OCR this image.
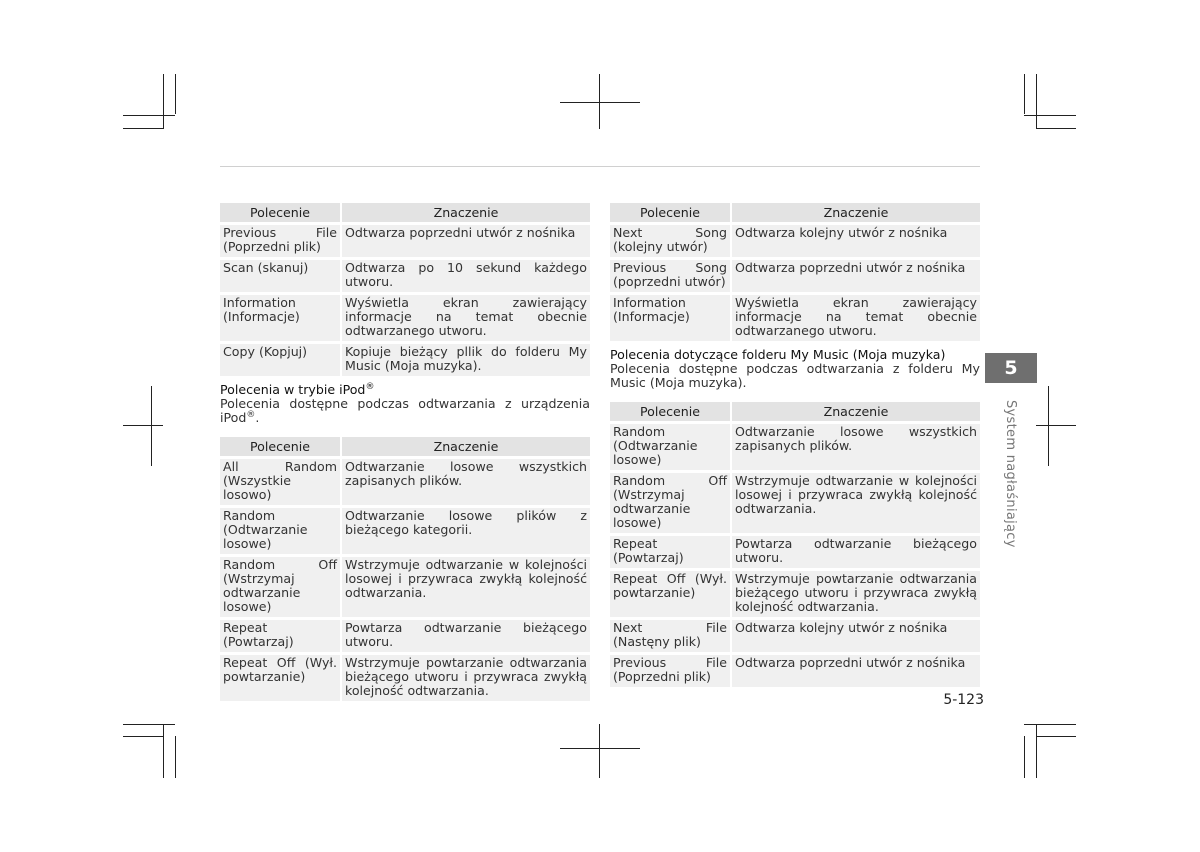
Polecenie	Znaczenie
Previous File (Poprzedni plik)	Odtwarza poprzedni utwór z nośnika
Scan (skanuj)	Odtwarza po 10 sekund każdego utworu.
Information (Informacje)	Wyświetla ekran zawierający informacje na temat obecnie odtwarzanego utworu.
Copy (Kopjuj)	Kopiuje bieżący pllik do folderu My Music (Moja muzyka).
Polecenia w trybie iPod®
Polecenia dostępne podczas odtwarzania z urządzenia iPod®.
Polecenie	Znaczenie
All Random (Wszystkie losowo)	Odtwarzanie losowe wszystkich zapisanych plików.
Random (Odtwarzanie losowe)	Odtwarzanie losowe plików z bieżącego kategorii.
Random Off (Wstrzymaj odtwarzanie losowe)	Wstrzymuje odtwarzanie w kolejności losowej i przywraca zwykłą kolejność odtwarzania.
Repeat (Powtarzaj)	Powtarza odtwarzanie bieżącego utworu.
Repeat Off (Wył. powtarzanie)	Wstrzymuje powtarzanie odtwarzania bieżącego utworu i przywraca zwykłą kolejność odtwarzania.
Polecenie	Znaczenie
Next Song (kolejny utwór)	Odtwarza kolejny utwór z nośnika
Previous Song (poprzedni utwór)	Odtwarza poprzedni utwór z nośnika
Information (Informacje)	Wyświetla ekran zawierający informacje na temat obecnie odtwarzanego utworu.
Polecenia dotyczące folderu My Music (Moja muzyka)
Polecenia dostępne podczas odtwarzania z folderu My Music (Moja muzyka).
Polecenie	Znaczenie
Random (Odtwarzanie losowe)	Odtwarzanie losowe wszystkich zapisanych plików.
Random Off (Wstrzymaj odtwarzanie losowe)	Wstrzymuje odtwarzanie w kolejności losowej i przywraca zwykłą kolejność odtwarzania.
Repeat (Powtarzaj)	Powtarza odtwarzanie bieżącego utworu.
Repeat Off (Wył. powtarzanie)	Wstrzymuje powtarzanie odtwarzania bieżącego utworu i przywraca zwykłą kolejność odtwarzania.
Next File (Nastęny plik)	Odtwarza kolejny utwór z nośnika
Previous File (Poprzedni plik)	Odtwarza poprzedni utwór z nośnika
5
System nagłaśniający
5-123
